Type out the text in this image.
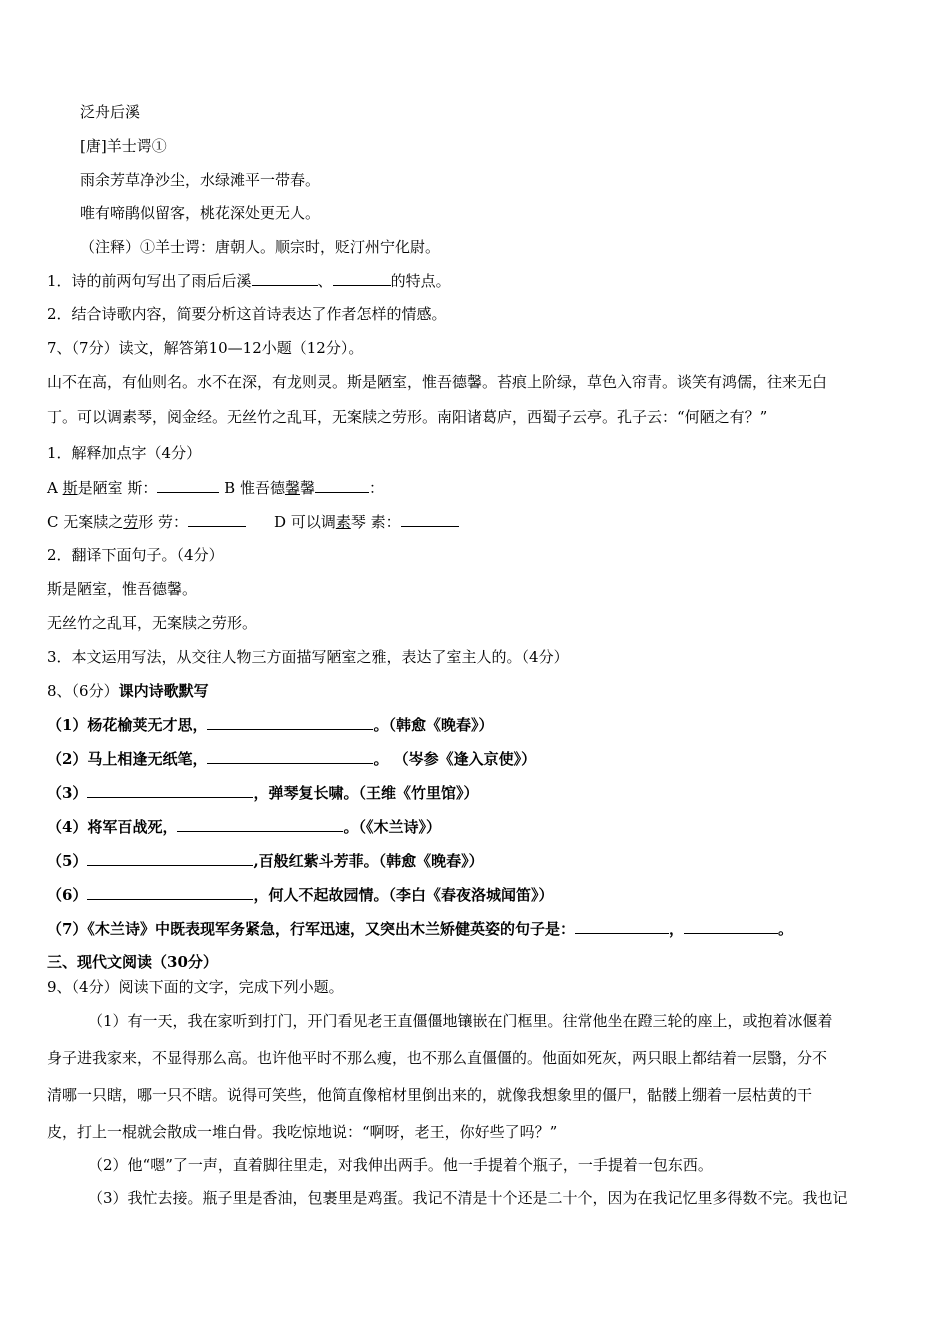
泛舟后溪
[唐]羊士谔①
雨余芳草净沙尘，水绿滩平一带春。
唯有啼鹃似留客，桃花深处更无人。
（注释）①羊士谔：唐朝人。顺宗时，贬汀州宁化尉。
1．诗的前两句写出了雨后后溪	、	的特点。
2．结合诗歌内容，简要分析这首诗表达了作者怎样的情感。
7、（7分）读文，解答第10—12小题（12分）。
山不在高，有仙则名。水不在深，有龙则灵。斯是陋室，惟吾德馨。苔痕上阶绿，草色入帘青。谈笑有鸿儒，往来无白
丁。可以调素琴，阅金经。无丝竹之乱耳，无案牍之劳形。南阳诸葛庐，西蜀子云亭。孔子云：“何陋之有？”
1．解释加点字（4分）
A 斯是陋室 斯：	B 惟吾德馨馨	：
C 无案牍之劳形 劳：	D 可以调素琴 素：
2．翻译下面句子。（4分）
斯是陋室，惟吾德馨。
无丝竹之乱耳，无案牍之劳形。
3．本文运用写法，从交往人物三方面描写陋室之雅，表达了室主人的。（4分）
8、（6分）课内诗歌默写
（1）杨花榆荚无才思，	。（韩愈《晚春》）
（2）马上相逢无纸笔，	。 （岑参《逢入京使》）
（3）	，弹琴复长啸。（王维《竹里馆》）
（4）将军百战死，	。（《木兰诗》）
（5）	,百般红紫斗芳菲。（韩愈《晚春》）
（6）	，何人不起故园情。（李白《春夜洛城闻笛》）
（7）《木兰诗》中既表现军务紧急，行军迅速，又突出木兰矫健英姿的句子是：	，	。
三、现代文阅读（30分）
9、（4分）阅读下面的文字，完成下列小题。
（1）有一天，我在家听到打门，开门看见老王直僵僵地镶嵌在门框里。往常他坐在蹬三轮的座上，或抱着冰偃着
身子进我家来，不显得那么高。也许他平时不那么瘦，也不那么直僵僵的。他面如死灰，两只眼上都结着一层翳，分不
清哪一只瞎，哪一只不瞎。说得可笑些，他简直像棺材里倒出来的，就像我想象里的僵尸，骷髅上绷着一层枯黄的干
皮，打上一棍就会散成一堆白骨。我吃惊地说：“啊呀，老王，你好些了吗？”
（2）他“嗯”了一声，直着脚往里走，对我伸出两手。他一手提着个瓶子，一手提着一包东西。
（3）我忙去接。瓶子里是香油，包裹里是鸡蛋。我记不清是十个还是二十个，因为在我记忆里多得数不完。我也记
